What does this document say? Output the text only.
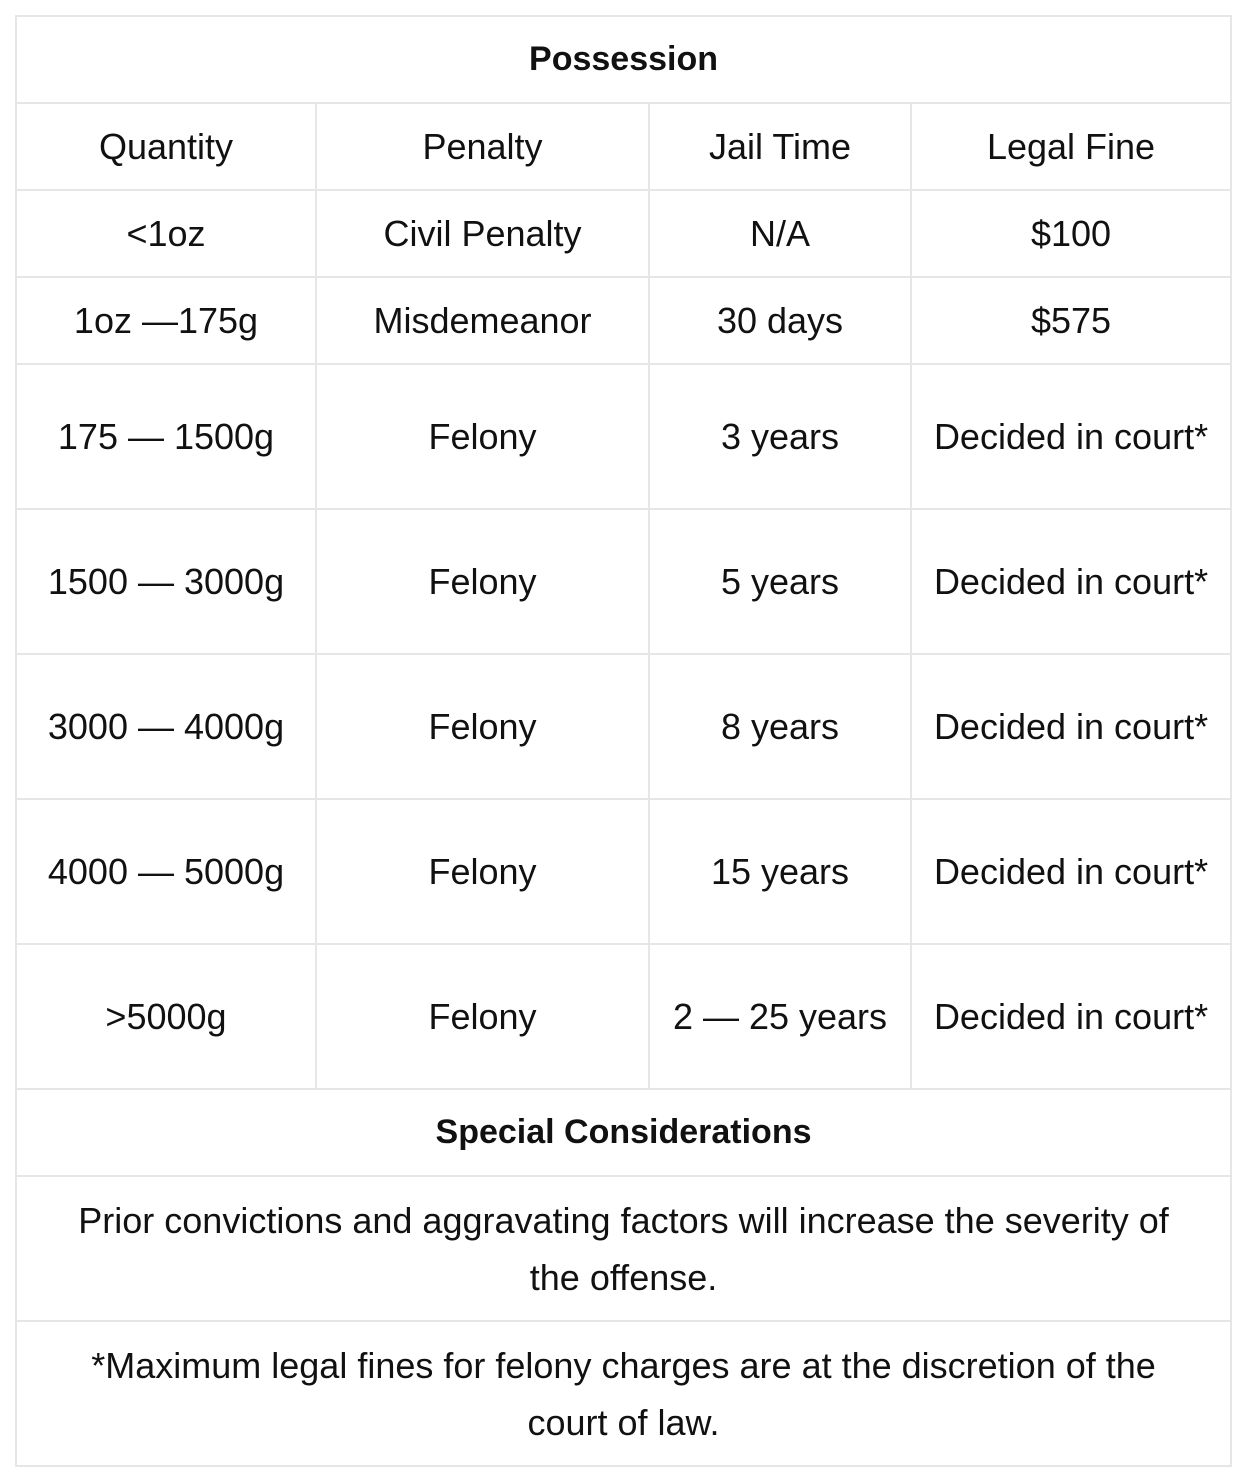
Possession			
Quantity	Penalty	Jail Time	Legal Fine
<1oz	Civil Penalty	N/A	$100
1oz —175g	Misdemeanor	30 days	$575
175 — 1500g	Felony	3 years	Decided in court*
1500 — 3000g	Felony	5 years	Decided in court*
3000 — 4000g	Felony	8 years	Decided in court*
4000 — 5000g	Felony	15 years	Decided in court*
>5000g	Felony	2 — 25 years	Decided in court*
Special Considerations			
Prior convictions and aggravating factors will increase the severity of the offense.			
*Maximum legal fines for felony charges are at the discretion of the court of law.			
